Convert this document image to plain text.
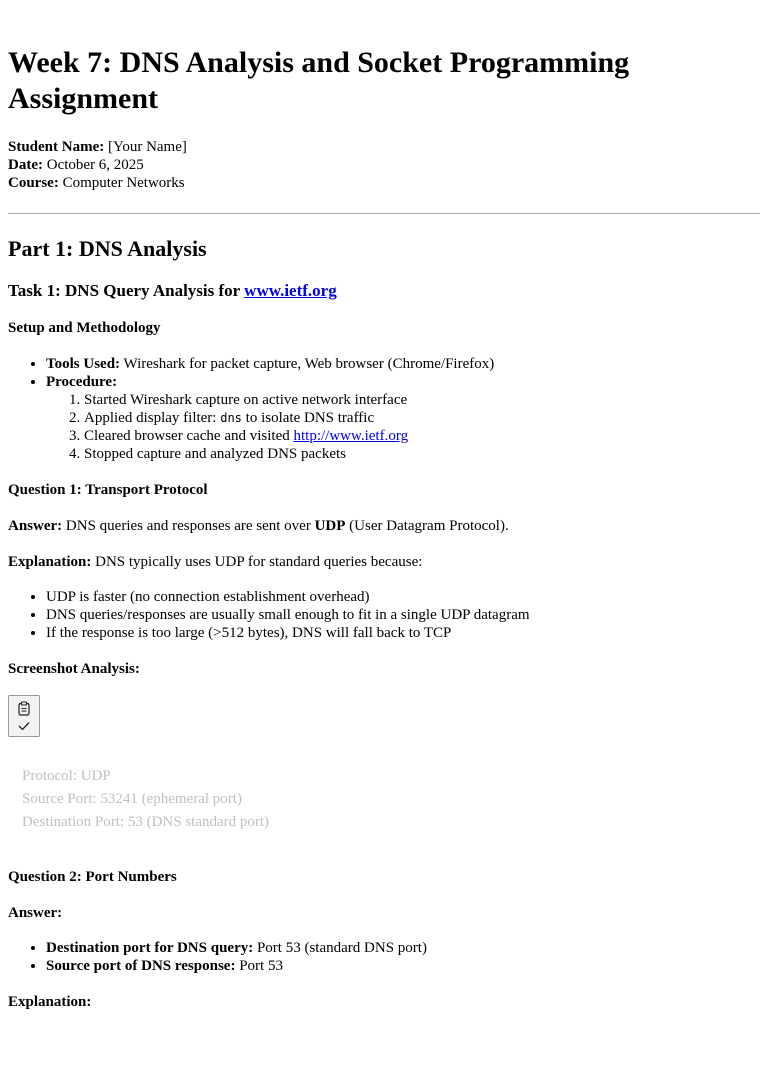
Week 7: DNS Analysis and Socket Programming Assignment
Student Name: [Your Name]
Date: October 6, 2025
Course: Computer Networks
Part 1: DNS Analysis
Task 1: DNS Query Analysis for www.ietf.org
Setup and Methodology
• Tools Used: Wireshark for packet capture, Web browser (Chrome/Firefox)
• Procedure:
1. Started Wireshark capture on active network interface
2. Applied display filter: dns to isolate DNS traffic
3. Cleared browser cache and visited http://www.ietf.org
4. Stopped capture and analyzed DNS packets
Question 1: Transport Protocol

Answer: DNS queries and responses are sent over UDP (User Datagram Protocol).

Explanation: DNS typically uses UDP for standard queries because:

• UDP is faster (no connection establishment overhead)
• DNS queries/responses are usually small enough to fit in a single UDP datagram
• If the response is too large (>512 bytes), DNS will fall back to TCP
Screenshot Analysis:
Protocol: UDP
Source Port: 53241 (ephemeral port)
Destination Port: 53 (DNS standard port)
Question 2: Port Numbers
Answer:
• Destination port for DNS query: Port 53 (standard DNS port)
• Source port of DNS response: Port 53
Explanation:
